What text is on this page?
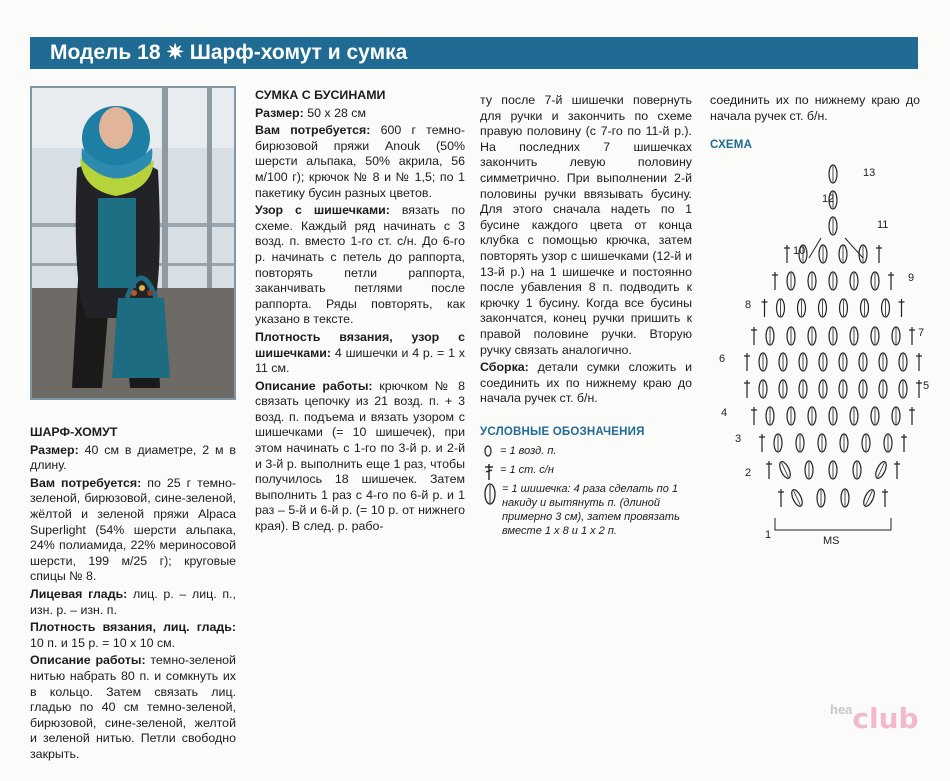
Модель 18 ✷ Шарф-хомут и сумка

ШАРФ-ХОМУТ

Размер: 40 см в диаметре, 2 м в длину.

Вам потребуется: по 25 г темно-зеленой, бирюзовой, сине-зеленой, жёлтой и зеленой пряжи Alpaca Superlight (54% шерсти альпака, 24% полиамида, 22% мериносовой шерсти, 199 м/25 г); круговые спицы № 8.

Лицевая гладь: лиц. р. – лиц. п., изн. р. – изн. п.

Плотность вязания, лиц. гладь: 10 п. и 15 р. = 10 х 10 см.

Описание работы: темно-зеленой нитью набрать 80 п. и сомкнуть их в кольцо. Затем связать лиц. гладью по 40 см темно-зеленой, бирюзовой, сине-зеленой, желтой и зеленой нитью. Петли свободно закрыть.

СУМКА С БУСИНАМИ

Размер: 50 х 28 см

Вам потребуется: 600 г темно-бирюзовой пряжи Anouk (50% шерсти альпака, 50% акрила, 56 м/100 г); крючок № 8 и № 1,5; по 1 пакетику бусин разных цветов.

Узор с шишечками: вязать по схеме. Каждый ряд начинать с 3 возд. п. вместо 1-го ст. с/н. До 6-го р. начинать с петель до раппорта, повторять петли раппорта, заканчивать петлями после раппорта. Ряды повторять, как указано в тексте.

Плотность вязания, узор с шишечками: 4 шишечки и 4 р. = 1 х 11 см.

Описание работы: крючком № 8 связать цепочку из 21 возд. п. + 3 возд. п. подъема и вязать узором с шишечками (= 10 шишечек), при этом начинать с 1-го по 3-й р. и 2-й и 3-й р. выполнить еще 1 раз, чтобы получилось 18 шишечек. Затем выполнить 1 раз с 4-го по 6-й р. и 1 раз – 5-й и 6-й р. (= 10 р. от нижнего края). В след. р. рабо-

ту после 7-й шишечки повернуть для ручки и закончить по схеме правую половину (с 7-го по 11-й р.). На последних 7 шишечках закончить левую половину симметрично. При выполнении 2-й половины ручки ввязывать бусину. Для этого сначала надеть по 1 бусине каждого цвета от конца клубка с помощью крючка, затем повторять узор с шишечками (12-й и 13-й р.) на 1 шишечке и постоянно после убавления 8 п. подводить к крючку 1 бусину. Когда все бусины закончатся, конец ручки пришить к правой половине ручки. Вторую ручку связать аналогично.

Сборка: детали сумки сложить и соединить их по нижнему краю до начала ручек ст. б/н.

УСЛОВНЫЕ ОБОЗНАЧЕНИЯ
= 1 возд. п.
= 1 ст. с/н
= 1 шишечка: 4 раза сделать по 1 накиду и вытянуть п. (длиной примерно 3 см), затем провязать вместе 1 х 8 и 1 х 2 п.

соединить их по нижнему краю до начала ручек ст. б/н.

СХЕМА

1
2
3
4
5
6
7
8
9
10
11
12
13
MS
$^{hea}$club
